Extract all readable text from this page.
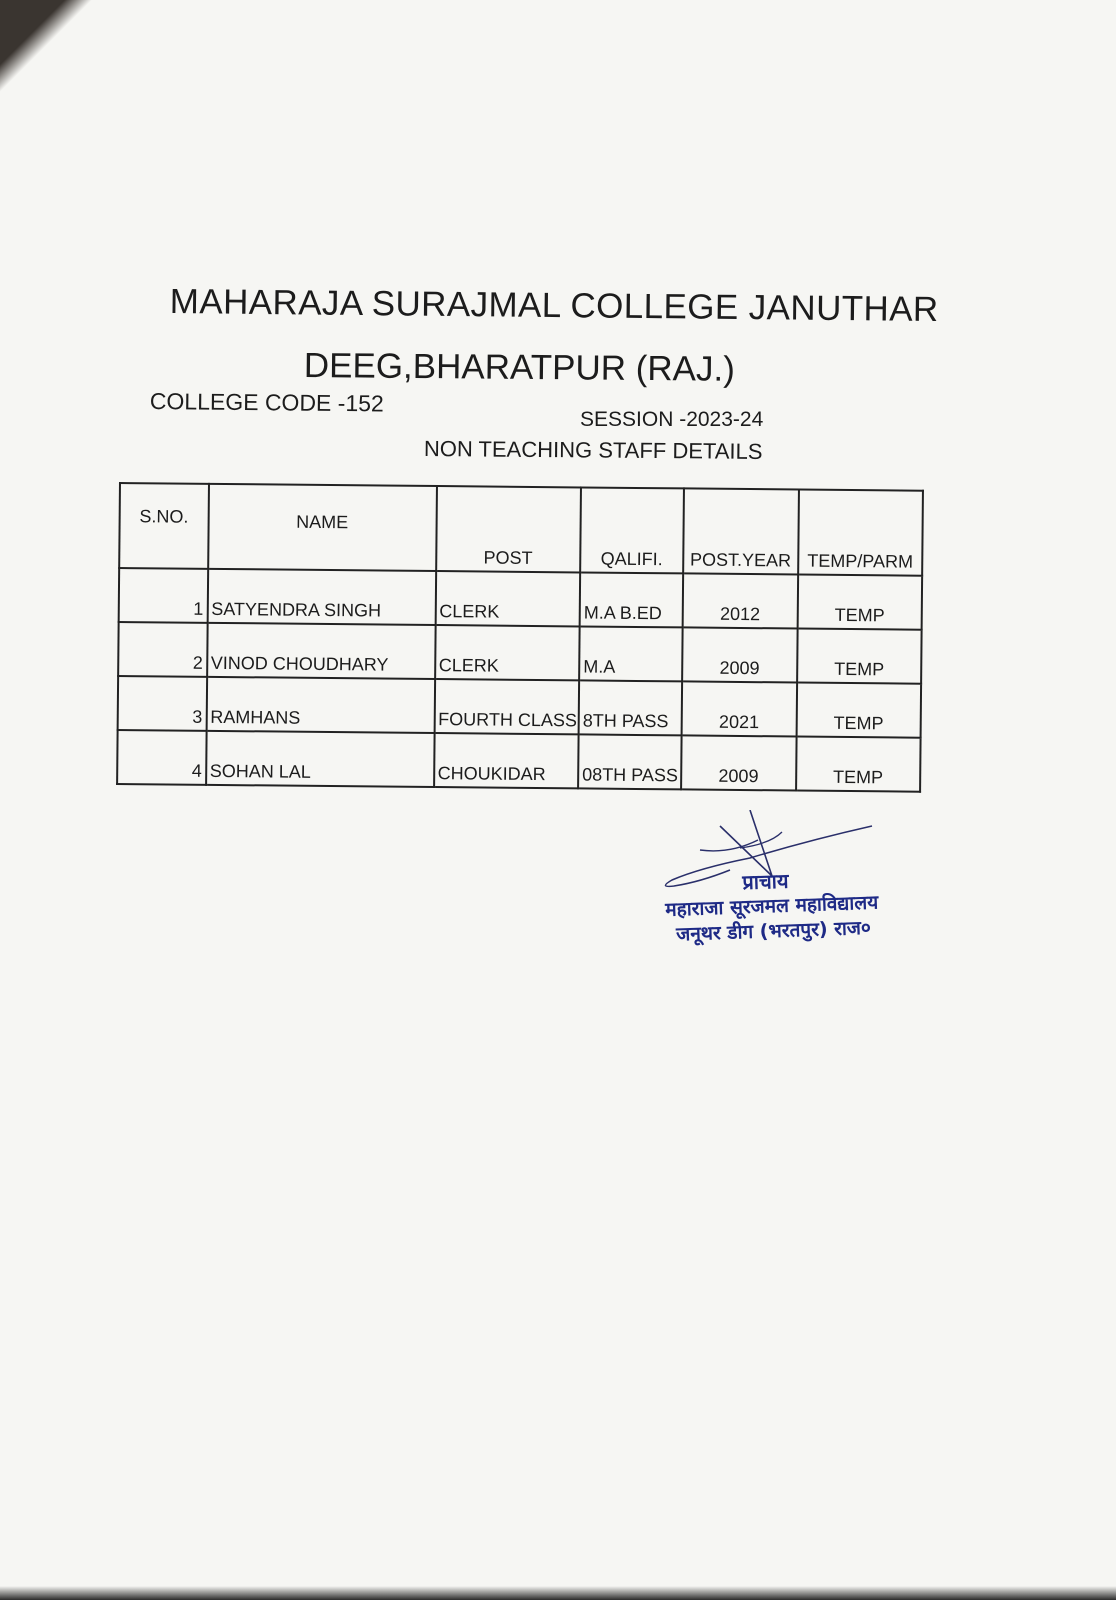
MAHARAJA SURAJMAL COLLEGE JANUTHAR
DEEG,BHARATPUR (RAJ.)
COLLEGE CODE -152
SESSION -2023-24
NON TEACHING STAFF DETAILS
S.NO.	NAME	POST	QALIFI.	POST.YEAR	TEMP/PARM
1	SATYENDRA SINGH	CLERK	M.A B.ED	2012	TEMP
2	VINOD CHOUDHARY	CLERK	M.A	2009	TEMP
3	RAMHANS	FOURTH CLASS	8TH PASS	2021	TEMP
4	SOHAN LAL	CHOUKIDAR	08TH PASS	2009	TEMP
प्राचाय
महाराजा सूरजमल महाविद्यालय
जनूथर डीग (भरतपुर) राज०
